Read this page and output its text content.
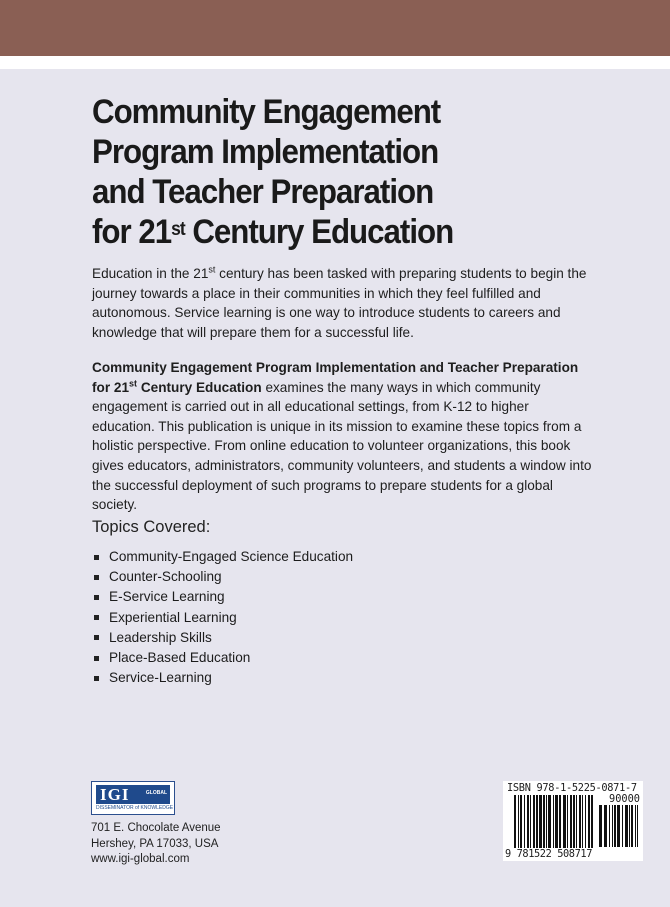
Community Engagement
Program Implementation
and Teacher Preparation
for 21st Century Education

Education in the 21st century has been tasked with preparing students to begin the journey towards a place in their communities in which they feel fulfilled and autonomous. Service learning is one way to introduce students to careers and knowledge that will prepare them for a successful life.

Community Engagement Program Implementation and Teacher Preparation for 21st Century Education examines the many ways in which community engagement is carried out in all educational settings, from K-12 to higher education. This publication is unique in its mission to examine these topics from a holistic perspective. From online education to volunteer organizations, this book gives educators, administrators, community volunteers, and students a window into the successful deployment of such programs to prepare students for a global society.

Topics Covered:
Community-Engaged Science Education
Counter-Schooling
E-Service Learning
Experiential Learning
Leadership Skills
Place-Based Education
Service-Learning
IGI	GLOBAL
DISSEMINATOR of KNOWLEDGE
701 E. Chocolate Avenue
Hershey, PA 17033, USA
www.igi-global.com
ISBN 978-1-5225-0871-7
90000
9 781522 508717
